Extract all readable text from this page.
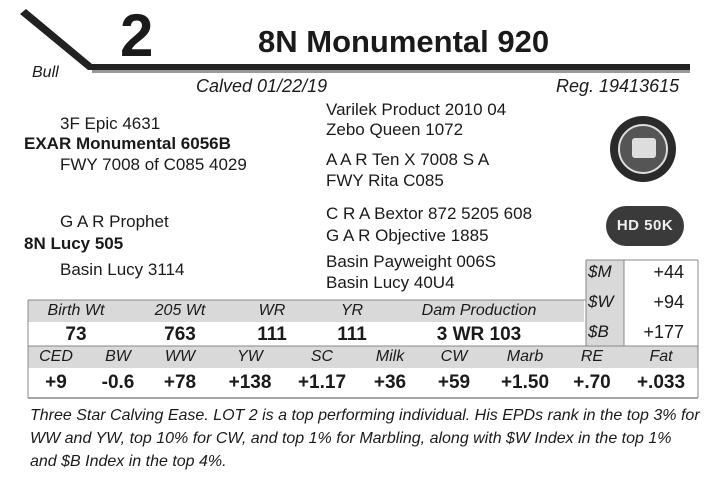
2	8N Monumental 920
Bull
Calved 01/22/19	Reg. 19413615
3F Epic 4631
EXAR Monumental 6056B
FWY 7008 of C085 4029
G A R Prophet
8N Lucy 505
Basin Lucy 3114
Varilek Product 2010 04
Zebo Queen 1072
A A R Ten X 7008 S A
FWY Rita C085
C R A Bextor 872 5205 608
G A R Objective 1885
Basin Payweight 006S
Basin Lucy 40U4
HD 50K
$M	+44
$W	+94
$B	+177
Birth Wt	205 Wt	WR	YR	Dam Production
73	763	111	111	3 WR 103
CED	BW	WW	YW	SC	Milk	CW	Marb	RE	Fat
+9	-0.6	+78	+138	+1.17	+36	+59	+1.50	+.70	+.033
Three Star Calving Ease. LOT 2 is a top performing individual. His EPDs rank in the top 3% for WW and YW, top 10% for CW, and top 1% for Marbling, along with $W Index in the top 1% and $B Index in the top 4%.
